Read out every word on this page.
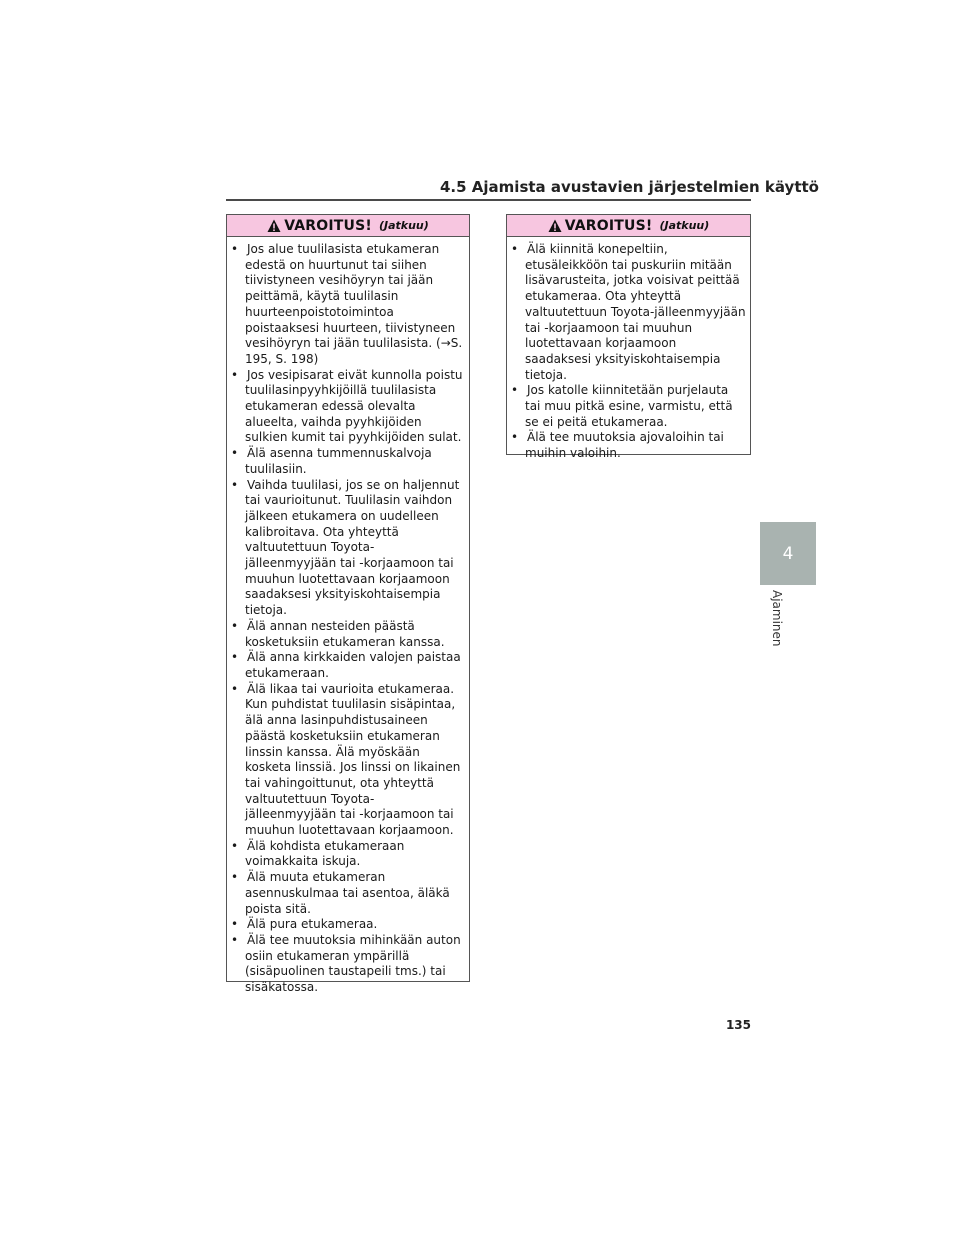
4.5 Ajamista avustavien järjestelmien käyttö
VAROITUS! (Jatkuu)
• Jos alue tuulilasista etukameran edestä on huurtunut tai siihen tiivistyneen vesihöyryn tai jään peittämä, käytä tuulilasin huurteenpoistotoimintoa poistaaksesi huurteen, tiivistyneen vesihöyryn tai jään tuulilasista. (→S. 195, S. 198)
• Jos vesipisarat eivät kunnolla poistu tuulilasinpyyhkijöillä tuulilasista etukameran edessä olevalta alueelta, vaihda pyyhkijöiden sulkien kumit tai pyyhkijöiden sulat.
• Älä asenna tummennuskalvoja tuulilasiin.
• Vaihda tuulilasi, jos se on haljennut tai vaurioitunut. Tuulilasin vaihdon jälkeen etukamera on uudelleen kalibroitava. Ota yhteyttä valtuutettuun Toyota-jälleenmyyjään tai -korjaamoon tai muuhun luotettavaan korjaamoon saadaksesi yksityiskohtaisempia tietoja.
• Älä annan nesteiden päästä kosketuksiin etukameran kanssa.
• Älä anna kirkkaiden valojen paistaa etukameraan.
• Älä likaa tai vaurioita etukameraa. Kun puhdistat tuulilasin sisäpintaa, älä anna lasinpuhdistusaineen päästä kosketuksiin etukameran linssin kanssa. Älä myöskään kosketa linssiä. Jos linssi on likainen tai vahingoittunut, ota yhteyttä valtuutettuun Toyota-jälleenmyyjään tai -korjaamoon tai muuhun luotettavaan korjaamoon.
• Älä kohdista etukameraan voimakkaita iskuja.
• Älä muuta etukameran asennuskulmaa tai asentoa, äläkä poista sitä.
• Älä pura etukameraa.
• Älä tee muutoksia mihinkään auton osiin etukameran ympärillä (sisäpuolinen taustapeili tms.) tai sisäkatossa.
VAROITUS! (Jatkuu)
• Älä kiinnitä konepeltiin, etusäleikköön tai puskuriin mitään lisävarusteita, jotka voisivat peittää etukameraa. Ota yhteyttä valtuutettuun Toyota-jälleenmyyjään tai -korjaamoon tai muuhun luotettavaan korjaamoon saadaksesi yksityiskohtaisempia tietoja.
• Jos katolle kiinnitetään purjelauta tai muu pitkä esine, varmistu, että se ei peitä etukameraa.
• Älä tee muutoksia ajovaloihin tai muihin valoihin.
4
Ajaminen
135
